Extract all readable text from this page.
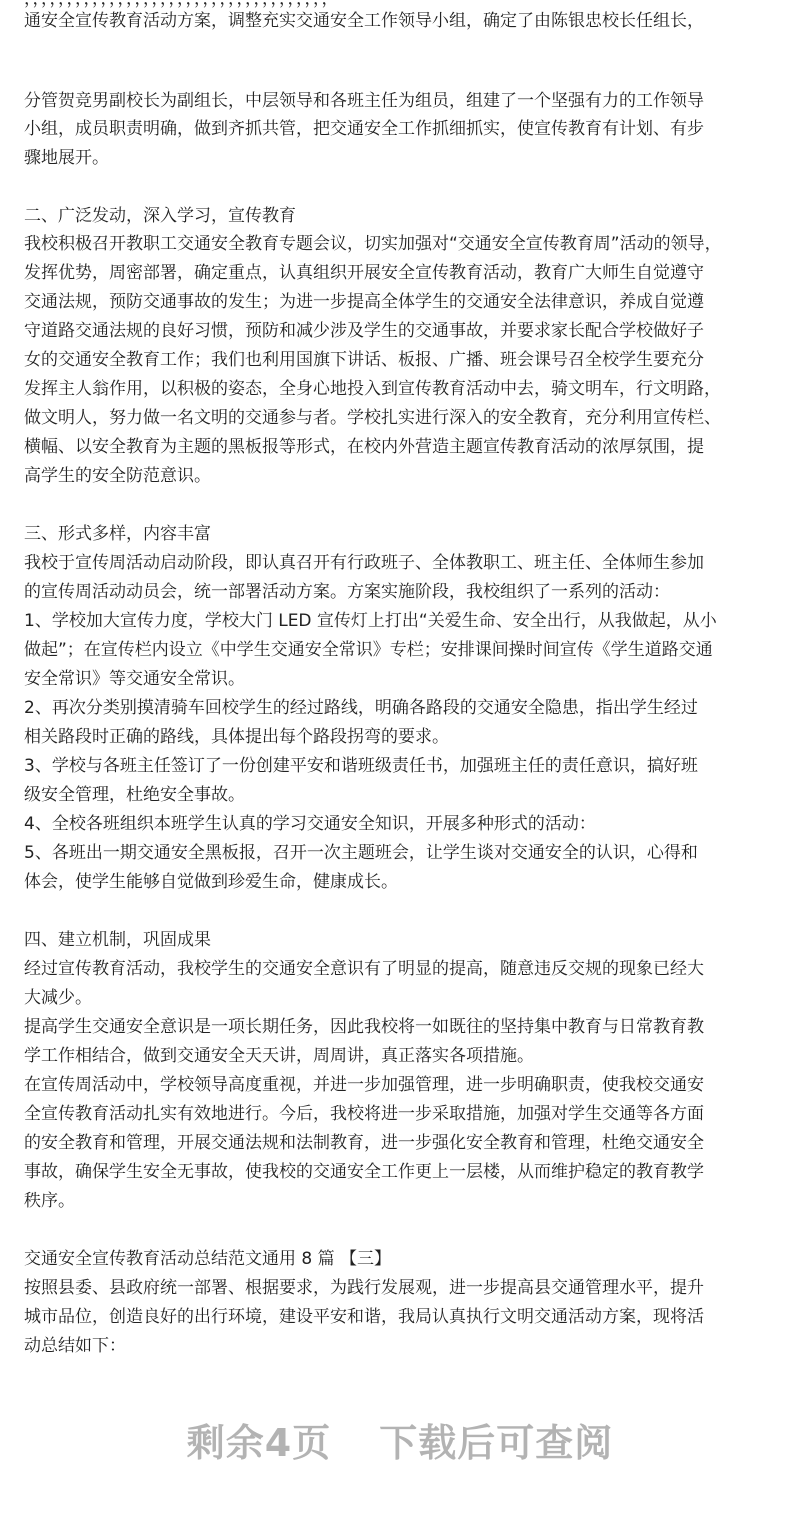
通安全宣传教育活动方案，调整充实交通安全工作领导小组，确定了由陈银忠校长任组长，
分管贺竞男副校长为副组长，中层领导和各班主任为组员，组建了一个坚强有力的工作领导
小组，成员职责明确，做到齐抓共管，把交通安全工作抓细抓实，使宣传教育有计划、有步
骤地展开。
二、广泛发动，深入学习，宣传教育
我校积极召开教职工交通安全教育专题会议，切实加强对“交通安全宣传教育周”活动的领导，
发挥优势，周密部署，确定重点，认真组织开展安全宣传教育活动，教育广大师生自觉遵守
交通法规，预防交通事故的发生；为进一步提高全体学生的交通安全法律意识，养成自觉遵
守道路交通法规的良好习惯，预防和减少涉及学生的交通事故，并要求家长配合学校做好子
女的交通安全教育工作；我们也利用国旗下讲话、板报、广播、班会课号召全校学生要充分
发挥主人翁作用，以积极的姿态，全身心地投入到宣传教育活动中去，骑文明车，行文明路，
做文明人，努力做一名文明的交通参与者。学校扎实进行深入的安全教育，充分利用宣传栏、
横幅、以安全教育为主题的黑板报等形式，在校内外营造主题宣传教育活动的浓厚氛围，提
高学生的安全防范意识。
三、形式多样，内容丰富
我校于宣传周活动启动阶段，即认真召开有行政班子、全体教职工、班主任、全体师生参加
的宣传周活动动员会，统一部署活动方案。方案实施阶段，我校组织了一系列的活动：
1、学校加大宣传力度，学校大门 LED 宣传灯上打出“关爱生命、安全出行，从我做起，从小
做起”；在宣传栏内设立《中学生交通安全常识》专栏；安排课间操时间宣传《学生道路交通
安全常识》等交通安全常识。
2、再次分类别摸清骑车回校学生的经过路线，明确各路段的交通安全隐患，指出学生经过
相关路段时正确的路线，具体提出每个路段拐弯的要求。
3、学校与各班主任签订了一份创建平安和谐班级责任书，加强班主任的责任意识，搞好班
级安全管理，杜绝安全事故。
4、全校各班组织本班学生认真的学习交通安全知识，开展多种形式的活动：
5、各班出一期交通安全黑板报，召开一次主题班会，让学生谈对交通安全的认识，心得和
体会，使学生能够自觉做到珍爱生命，健康成长。
四、建立机制，巩固成果
经过宣传教育活动，我校学生的交通安全意识有了明显的提高，随意违反交规的现象已经大
大减少。
提高学生交通安全意识是一项长期任务，因此我校将一如既往的坚持集中教育与日常教育教
学工作相结合，做到交通安全天天讲，周周讲，真正落实各项措施。
在宣传周活动中，学校领导高度重视，并进一步加强管理，进一步明确职责，使我校交通安
全宣传教育活动扎实有效地进行。今后，我校将进一步采取措施，加强对学生交通等各方面
的安全教育和管理，开展交通法规和法制教育，进一步强化安全教育和管理，杜绝交通安全
事故，确保学生安全无事故，使我校的交通安全工作更上一层楼，从而维护稳定的教育教学
秩序。
交通安全宣传教育活动总结范文通用 8 篇 【三】
按照县委、县政府统一部署、根据要求，为践行发展观，进一步提高县交通管理水平，提升
城市品位，创造良好的出行环境，建设平安和谐，我局认真执行文明交通活动方案，现将活
动总结如下：
剩余4页 下载后可查阅
